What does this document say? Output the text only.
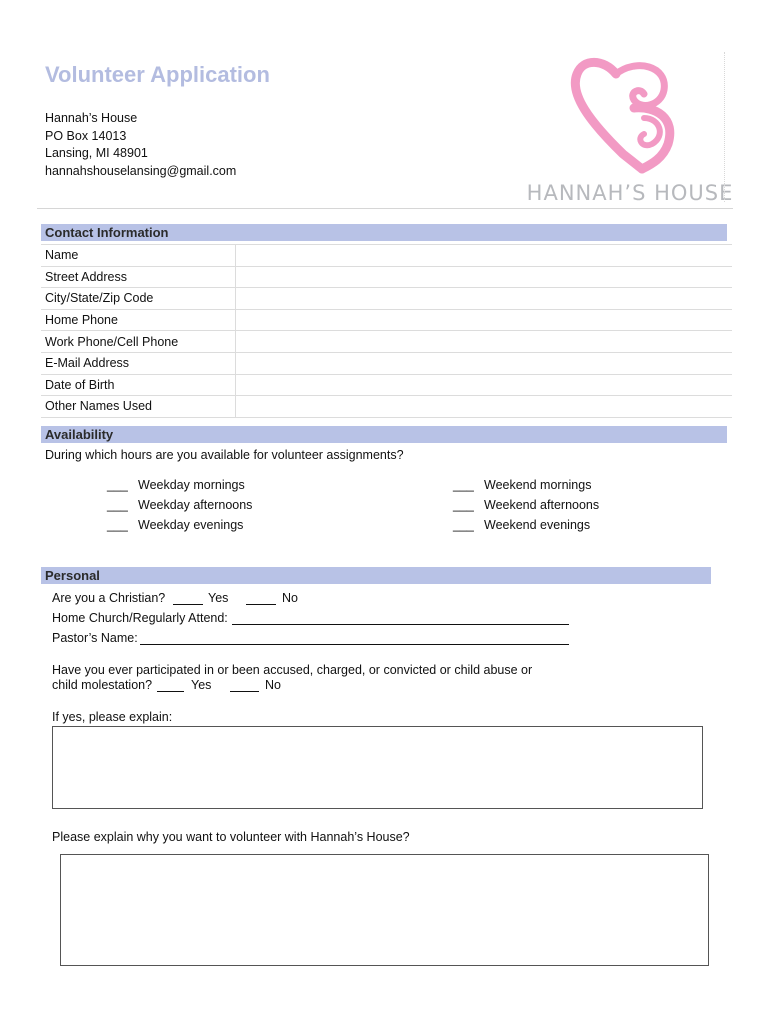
Volunteer Application
Hannah’s House
PO Box 14013
Lansing, MI 48901
hannahshouselansing@gmail.com
HANNAH’S HOUSE
Contact Information
Name	
Street Address	
City/State/Zip Code	
Home Phone	
Work Phone/Cell Phone	
E-Mail Address	
Date of Birth	
Other Names Used	
Availability
During which hours are you available for volunteer assignments?
___ Weekday mornings
___ Weekday afternoons
___ Weekday evenings
___ Weekend mornings
___ Weekend afternoons
___ Weekend evenings
Personal
Are you a Christian?	Yes	No
Home Church/Regularly Attend:
Pastor’s Name:
Have you ever participated in or been accused, charged, or convicted or child abuse or
child molestation?	Yes	No
If yes, please explain:
Please explain why you want to volunteer with Hannah’s House?
